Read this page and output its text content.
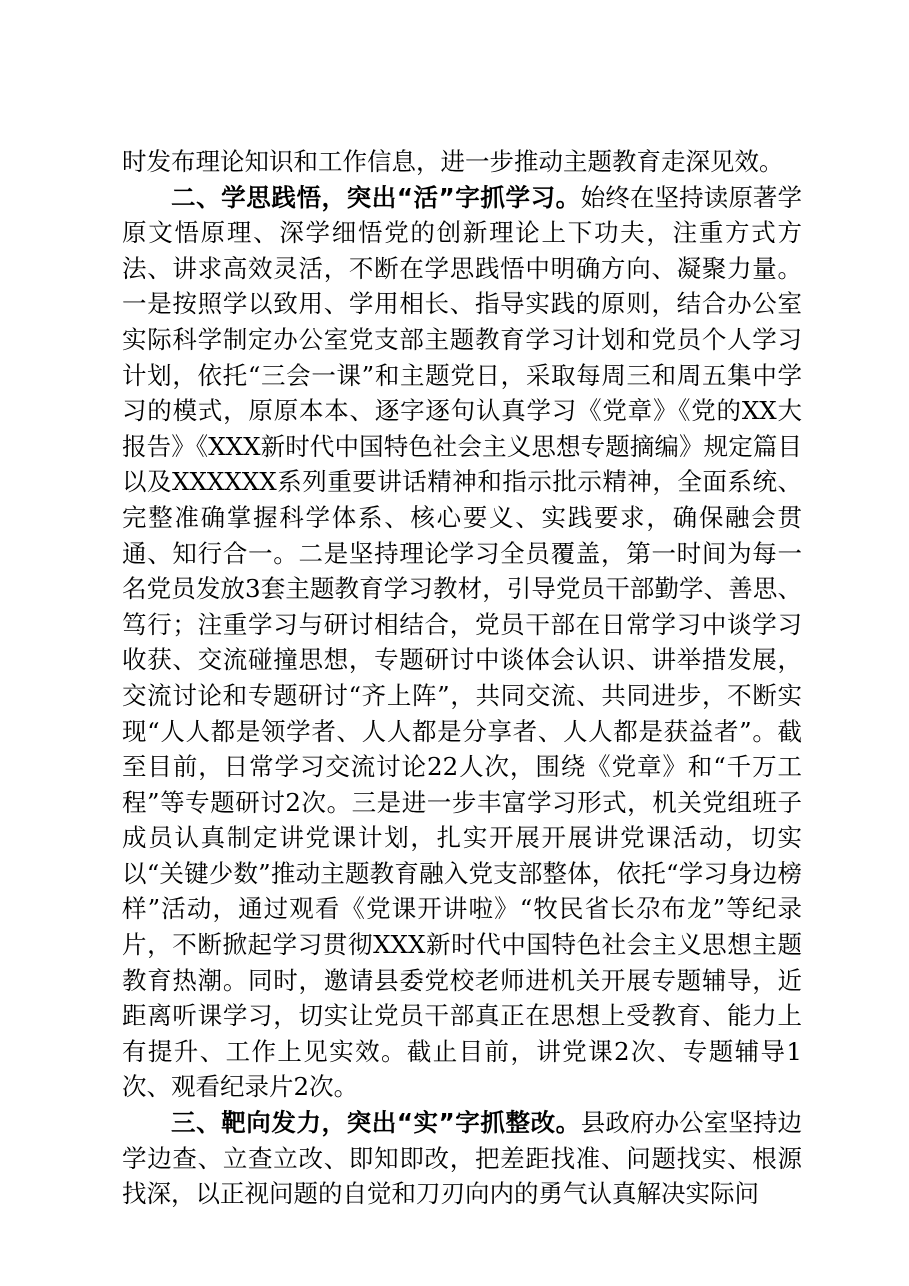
时发布理论知识和工作信息，进一步推动主题教育走深见效。

二、学思践悟，突出“活”字抓学习。始终在坚持读原著学原文悟原理、深学细悟党的创新理论上下功夫，注重方式方法、讲求高效灵活，不断在学思践悟中明确方向、凝聚力量。一是按照学以致用、学用相长、指导实践的原则，结合办公室实际科学制定办公室党支部主题教育学习计划和党员个人学习计划，依托“三会一课”和主题党日，采取每周三和周五集中学习的模式，原原本本、逐字逐句认真学习《党章》《党的XX大报告》《XXX新时代中国特色社会主义思想专题摘编》规定篇目以及XXXXXX系列重要讲话精神和指示批示精神，全面系统、完整准确掌握科学体系、核心要义、实践要求，确保融会贯通、知行合一。二是坚持理论学习全员覆盖，第一时间为每一名党员发放3套主题教育学习教材，引导党员干部勤学、善思、笃行；注重学习与研讨相结合，党员干部在日常学习中谈学习收获、交流碰撞思想，专题研讨中谈体会认识、讲举措发展，交流讨论和专题研讨“齐上阵”，共同交流、共同进步，不断实现“人人都是领学者、人人都是分享者、人人都是获益者”。截至目前，日常学习交流讨论22人次，围绕《党章》和“千万工程”等专题研讨2次。三是进一步丰富学习形式，机关党组班子成员认真制定讲党课计划，扎实开展开展讲党课活动，切实以“关键少数”推动主题教育融入党支部整体，依托“学习身边榜样”活动，通过观看《党课开讲啦》“牧民省长尕布龙”等纪录片，不断掀起学习贯彻XXX新时代中国特色社会主义思想主题教育热潮。同时，邀请县委党校老师进机关开展专题辅导，近距离听课学习，切实让党员干部真正在思想上受教育、能力上有提升、工作上见实效。截止目前，讲党课2次、专题辅导1次、观看纪录片2次。

三、靶向发力，突出“实”字抓整改。县政府办公室坚持边学边查、立查立改、即知即改，把差距找准、问题找实、根源找深，以正视问题的自觉和刀刃向内的勇气认真解决实际问
